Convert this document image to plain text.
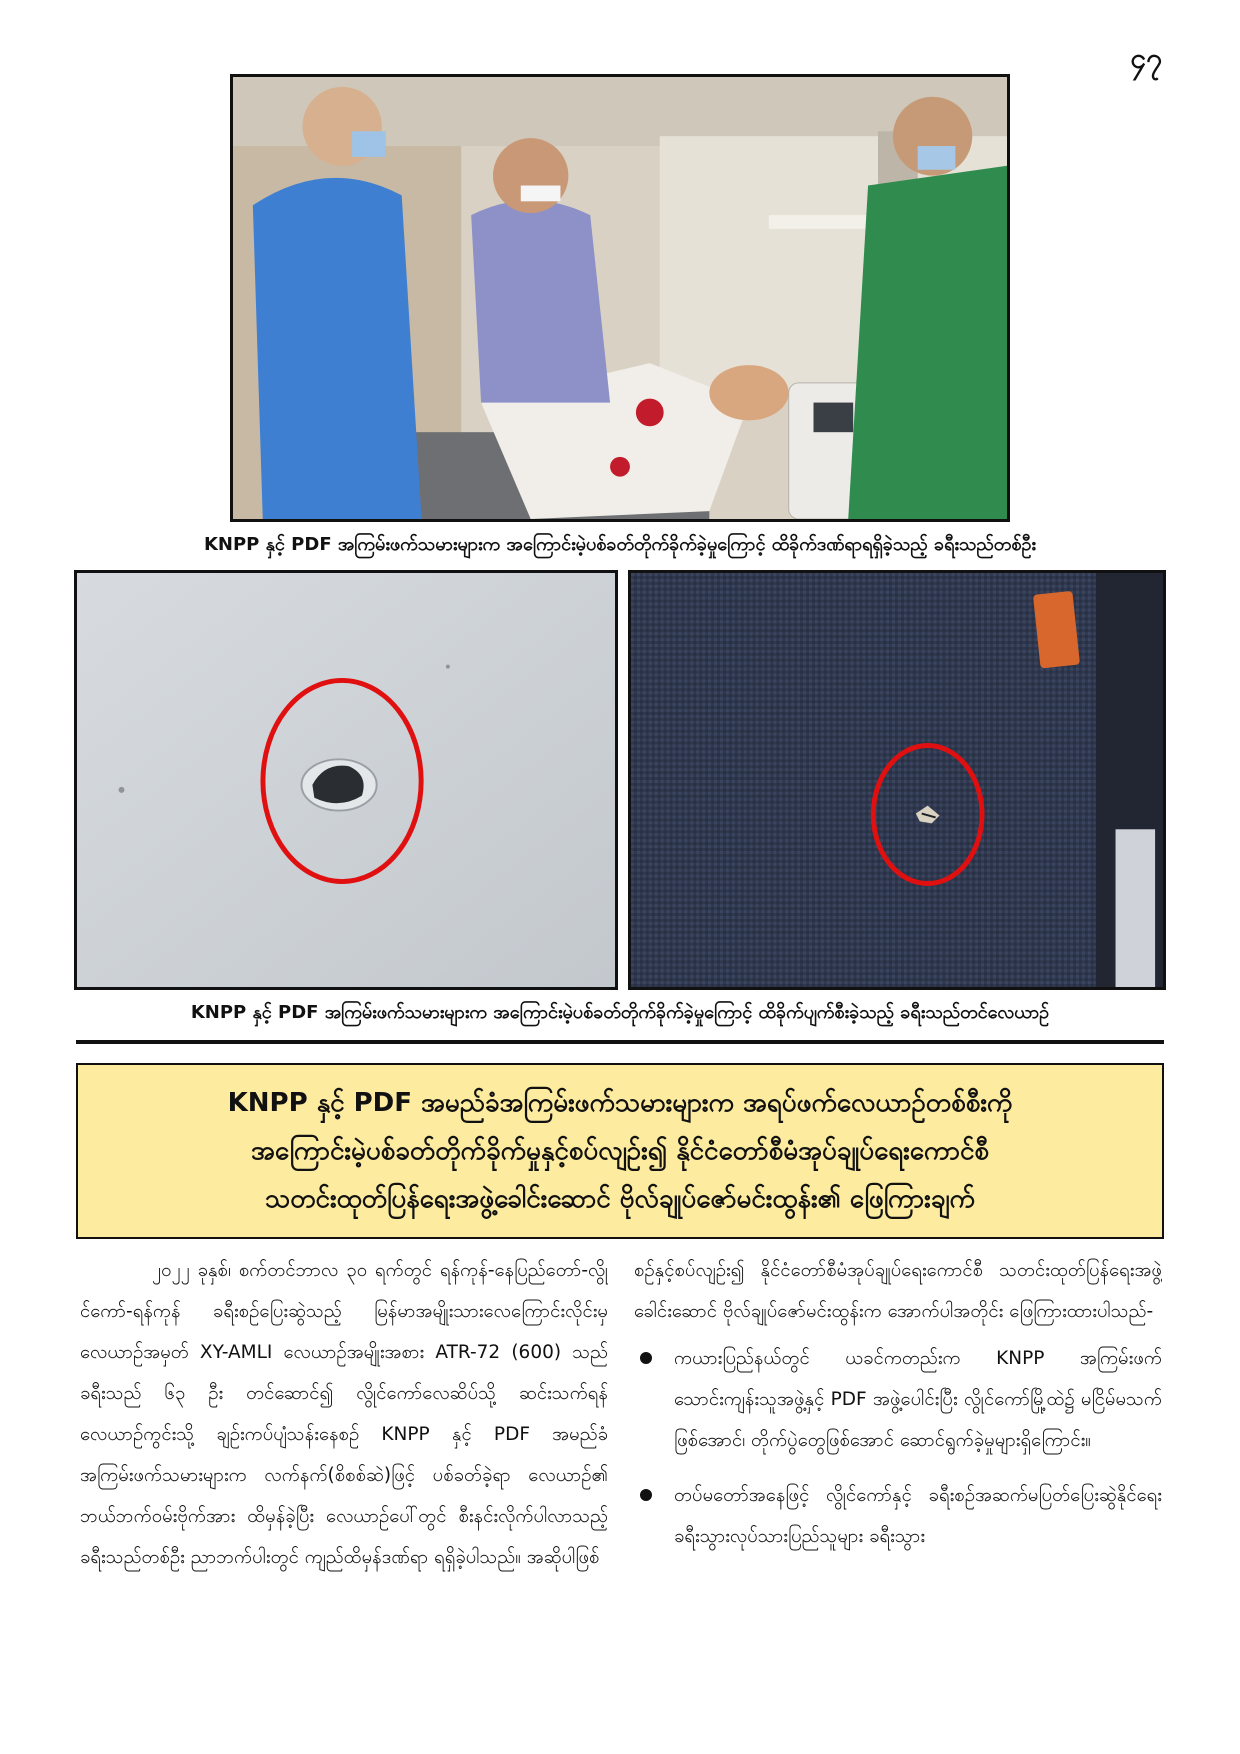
၄၇
KNPP နှင့် PDF အကြမ်းဖက်သမားများက အကြောင်းမဲ့ပစ်ခတ်တိုက်ခိုက်ခဲ့မှုကြောင့် ထိခိုက်ဒဏ်ရာရရှိခဲ့သည့် ခရီးသည်တစ်ဦး
KNPP နှင့် PDF အကြမ်းဖက်သမားများက အကြောင်းမဲ့ပစ်ခတ်တိုက်ခိုက်ခဲ့မှုကြောင့် ထိခိုက်ပျက်စီးခဲ့သည့် ခရီးသည်တင်လေယာဉ်
KNPP နှင့် PDF အမည်ခံအကြမ်းဖက်သမားများက အရပ်ဖက်လေယာဉ်တစ်စီးကို
အကြောင်းမဲ့ပစ်ခတ်တိုက်ခိုက်မှုနှင့်စပ်လျဉ်း၍ နိုင်ငံတော်စီမံအုပ်ချုပ်ရေးကောင်စီ
သတင်းထုတ်ပြန်ရေးအဖွဲ့ခေါင်းဆောင် ဗိုလ်ချုပ်ဇော်မင်းထွန်း၏ ဖြေကြားချက်

၂၀၂၂ ခုနှစ်၊ စက်တင်ဘာလ ၃၀ ရက်တွင် ရန်ကုန်-နေပြည်တော်-လွိုင်ကော်-ရန်ကုန် ခရီးစဉ်ပြေးဆွဲသည့် မြန်မာအမျိုးသားလေကြောင်းလိုင်းမှ လေယာဉ်အမှတ် XY-AMLI လေယာဉ်အမျိုးအစား ATR-72 (600) သည် ခရီးသည် ၆၃ ဦး တင်ဆောင်၍ လွိုင်ကော်လေဆိပ်သို့ ဆင်းသက်ရန် လေယာဉ်ကွင်းသို့ ချဉ်းကပ်ပျံသန်းနေစဉ် KNPP နှင့် PDF အမည်ခံအကြမ်းဖက်သမားများက လက်နက်(စိစစ်ဆဲ)ဖြင့် ပစ်ခတ်ခဲ့ရာ လေယာဉ်၏ ဘယ်ဘက်ဝမ်းဗိုက်အား ထိမှန်ခဲ့ပြီး လေယာဉ်ပေါ်တွင် စီးနင်းလိုက်ပါလာသည့် ခရီးသည်တစ်ဦး ညာဘက်ပါးတွင် ကျည်ထိမှန်ဒဏ်ရာ ရရှိခဲ့ပါသည်။ အဆိုပါဖြစ်

စဉ်နှင့်စပ်လျဉ်း၍ နိုင်ငံတော်စီမံအုပ်ချုပ်ရေးကောင်စီ သတင်းထုတ်ပြန်ရေးအဖွဲ့ခေါင်းဆောင် ဗိုလ်ချုပ်ဇော်မင်းထွန်းက အောက်ပါအတိုင်း ဖြေကြားထားပါသည်-

ကယားပြည်နယ်တွင် ယခင်ကတည်းက KNPP အကြမ်းဖက်သောင်းကျန်းသူအဖွဲ့နှင့် PDF အဖွဲ့ပေါင်းပြီး လွိုင်ကော်မြို့ထဲ၌ မငြိမ်မသက်ဖြစ်အောင်၊ တိုက်ပွဲတွေဖြစ်အောင် ဆောင်ရွက်ခဲ့မှုများရှိကြောင်း။
တပ်မတော်အနေဖြင့် လွိုင်ကော်နှင့် ခရီးစဉ်အဆက်မပြတ်ပြေးဆွဲနိုင်ရေး ခရီးသွားလုပ်သားပြည်သူများ ခရီးသွား
